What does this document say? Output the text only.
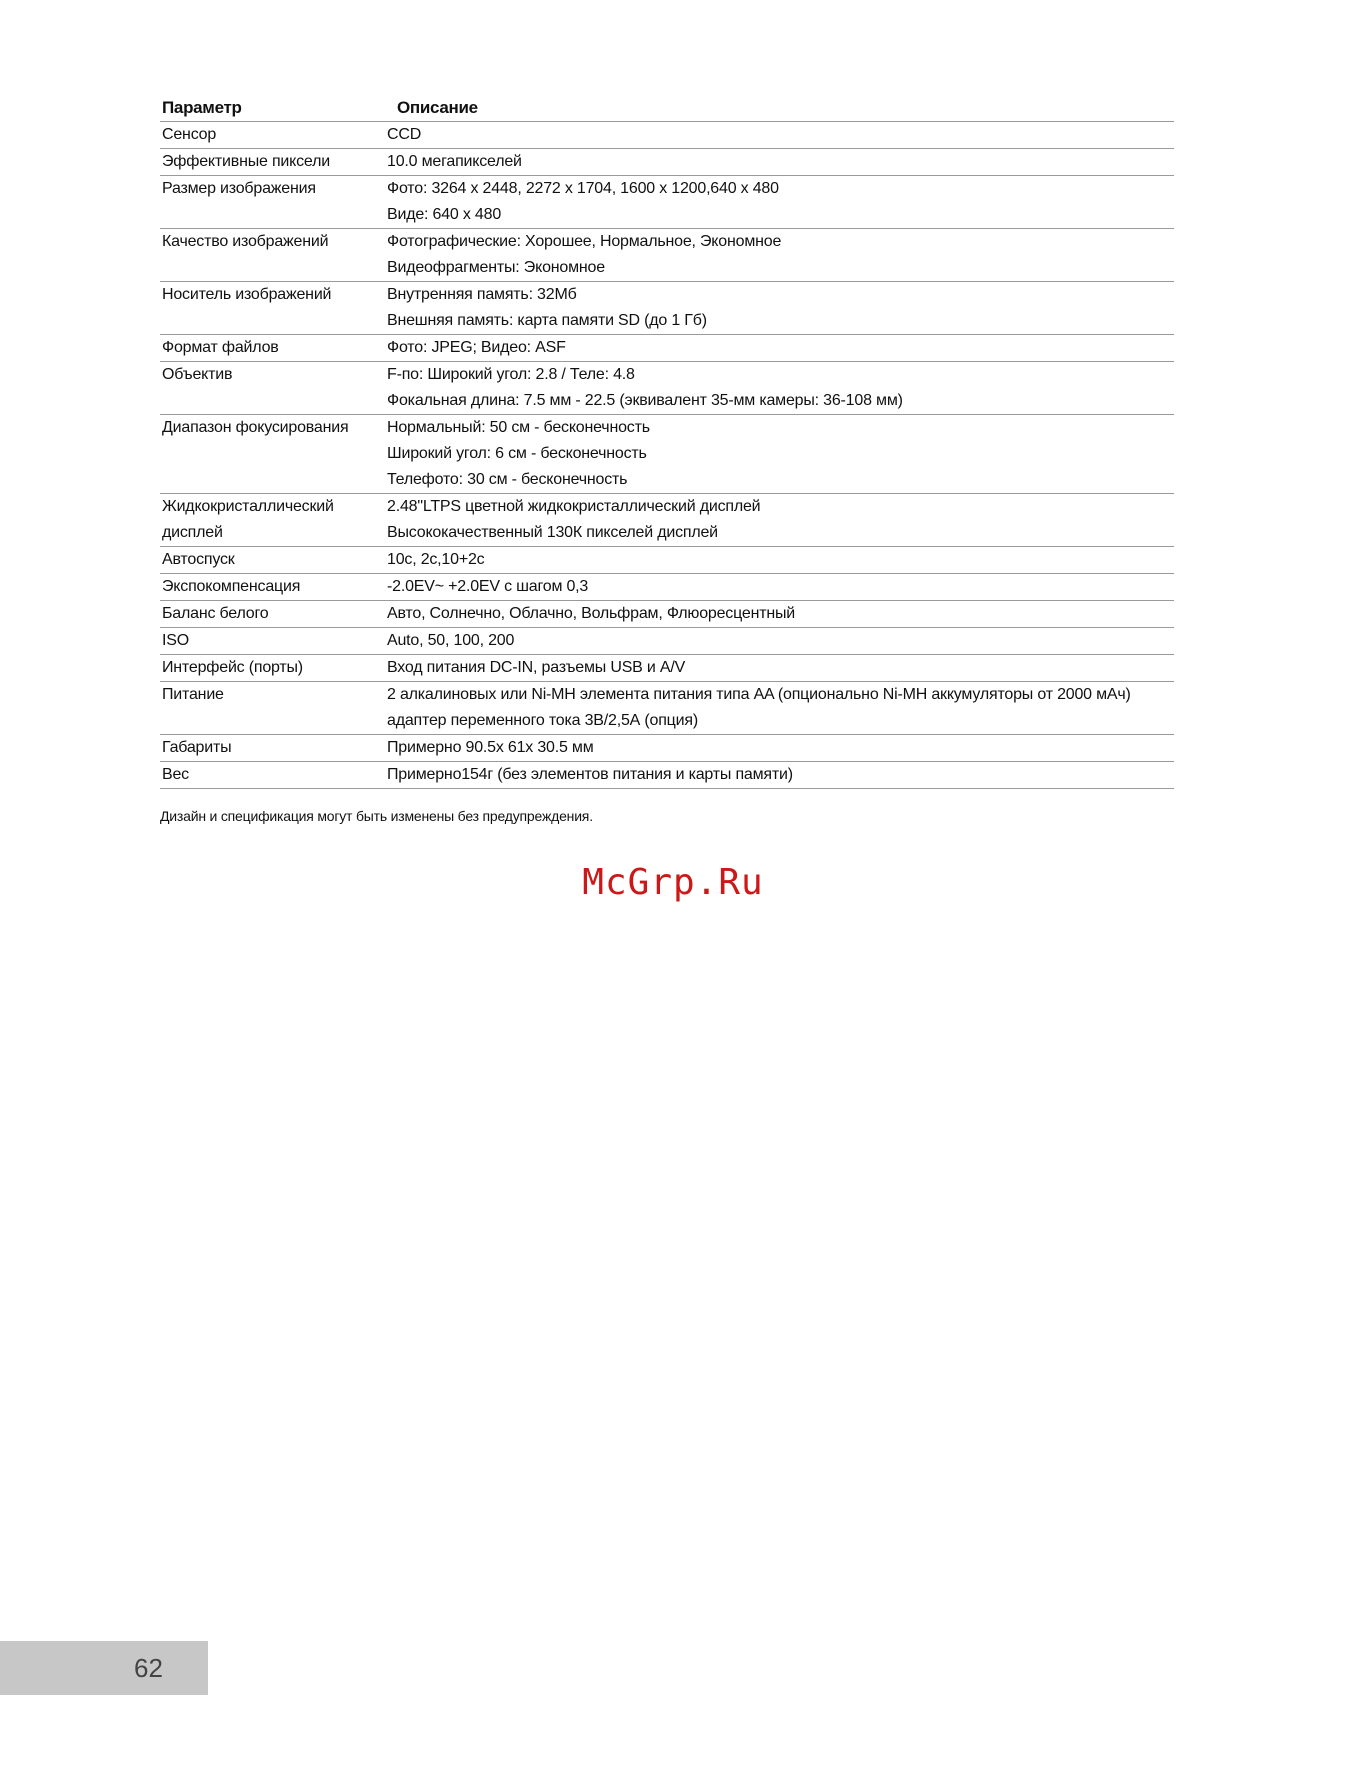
Параметр	Описание
Сенсор	CCD

Эффективные пиксели	10.0 мегапикселей

Размер изображения	Фото: 3264 x 2448, 2272 x 1704, 1600 x 1200,640 x 480
Виде: 640 x 480

Качество изображений	Фотографические: Хорошее, Нормальное, Экономное
Видеофрагменты: Экономное

Носитель изображений	Внутренняя память: 32Мб
Внешняя память: карта памяти SD (до 1 Гб)

Формат файлов	Фото: JPEG; Видео: ASF

Объектив	F-по: Широкий угол: 2.8 / Теле: 4.8
Фокальная длина: 7.5 мм - 22.5 (эквивалент 35-мм камеры: 36-108 мм)

Диапазон фокусирования	Нормальный: 50 см - бесконечность
Широкий угол: 6 см - бесконечность
Телефото: 30 см - бесконечность

Жидкокристаллический дисплей	2.48"LTPS цветной жидкокристаллический дисплей
Высококачественный 130К пикселей дисплей

Автоспуск	10с, 2с,10+2с

Экспокомпенсация	-2.0EV~ +2.0EV с шагом 0,3

Баланс белого	Авто, Солнечно, Облачно, Вольфрам, Флюоресцентный

ISO	Auto, 50, 100, 200

Интерфейс (порты)	Вход питания DC-IN, разъемы USB и A/V

Питание	2 алкалиновых или Ni-MH элемента питания типа AA (опционально Ni-MH аккумуляторы от 2000 мАч)
адаптер переменного тока 3В/2,5А (опция)

Габариты	Примерно 90.5x 61x 30.5 мм

Вес	Примерно154г (без элементов питания и карты памяти)
Дизайн и спецификация могут быть изменены без предупреждения.
McGrp.Ru
62
